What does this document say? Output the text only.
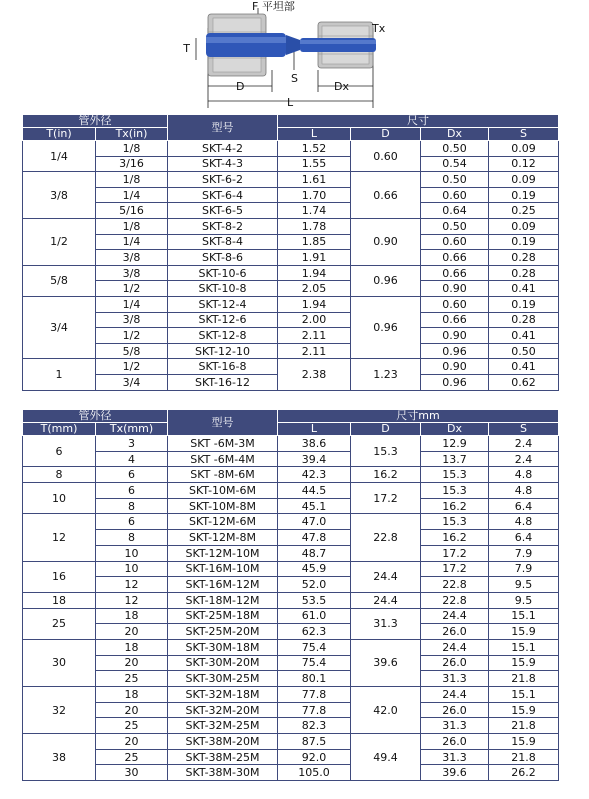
F 平坦部
T
Tx
D
S
Dx
L
管外径		型号	尺寸			
T(in)	Tx(in)		L	D	Dx	S
1/4	1/8	SKT-4-2	1.52	0.60	0.50	0.09
	3/16	SKT-4-3	1.55		0.54	0.12
3/8	1/8	SKT-6-2	1.61	0.66	0.50	0.09
	1/4	SKT-6-4	1.70		0.60	0.19
	5/16	SKT-6-5	1.74		0.64	0.25
1/2	1/8	SKT-8-2	1.78	0.90	0.50	0.09
	1/4	SKT-8-4	1.85		0.60	0.19
	3/8	SKT-8-6	1.91		0.66	0.28
5/8	3/8	SKT-10-6	1.94	0.96	0.66	0.28
	1/2	SKT-10-8	2.05		0.90	0.41
3/4	1/4	SKT-12-4	1.94	0.96	0.60	0.19
	3/8	SKT-12-6	2.00		0.66	0.28
	1/2	SKT-12-8	2.11		0.90	0.41
	5/8	SKT-12-10	2.11		0.96	0.50
1	1/2	SKT-16-8	2.38	1.23	0.90	0.41
	3/4	SKT-16-12			0.96	0.62
管外径		型号	尺寸mm			
T(mm)	Tx(mm)		L	D	Dx	S
6	3	SKT -6M-3M	38.6	15.3	12.9	2.4
	4	SKT -6M-4M	39.4		13.7	2.4
8	6	SKT -8M-6M	42.3	16.2	15.3	4.8
10	6	SKT-10M-6M	44.5	17.2	15.3	4.8
	8	SKT-10M-8M	45.1		16.2	6.4
12	6	SKT-12M-6M	47.0	22.8	15.3	4.8
	8	SKT-12M-8M	47.8		16.2	6.4
	10	SKT-12M-10M	48.7		17.2	7.9
16	10	SKT-16M-10M	45.9	24.4	17.2	7.9
	12	SKT-16M-12M	52.0		22.8	9.5
18	12	SKT-18M-12M	53.5	24.4	22.8	9.5
25	18	SKT-25M-18M	61.0	31.3	24.4	15.1
	20	SKT-25M-20M	62.3		26.0	15.9
30	18	SKT-30M-18M	75.4	39.6	24.4	15.1
	20	SKT-30M-20M	75.4		26.0	15.9
	25	SKT-30M-25M	80.1		31.3	21.8
32	18	SKT-32M-18M	77.8	42.0	24.4	15.1
	20	SKT-32M-20M	77.8		26.0	15.9
	25	SKT-32M-25M	82.3		31.3	21.8
38	20	SKT-38M-20M	87.5	49.4	26.0	15.9
	25	SKT-38M-25M	92.0		31.3	21.8
	30	SKT-38M-30M	105.0		39.6	26.2
